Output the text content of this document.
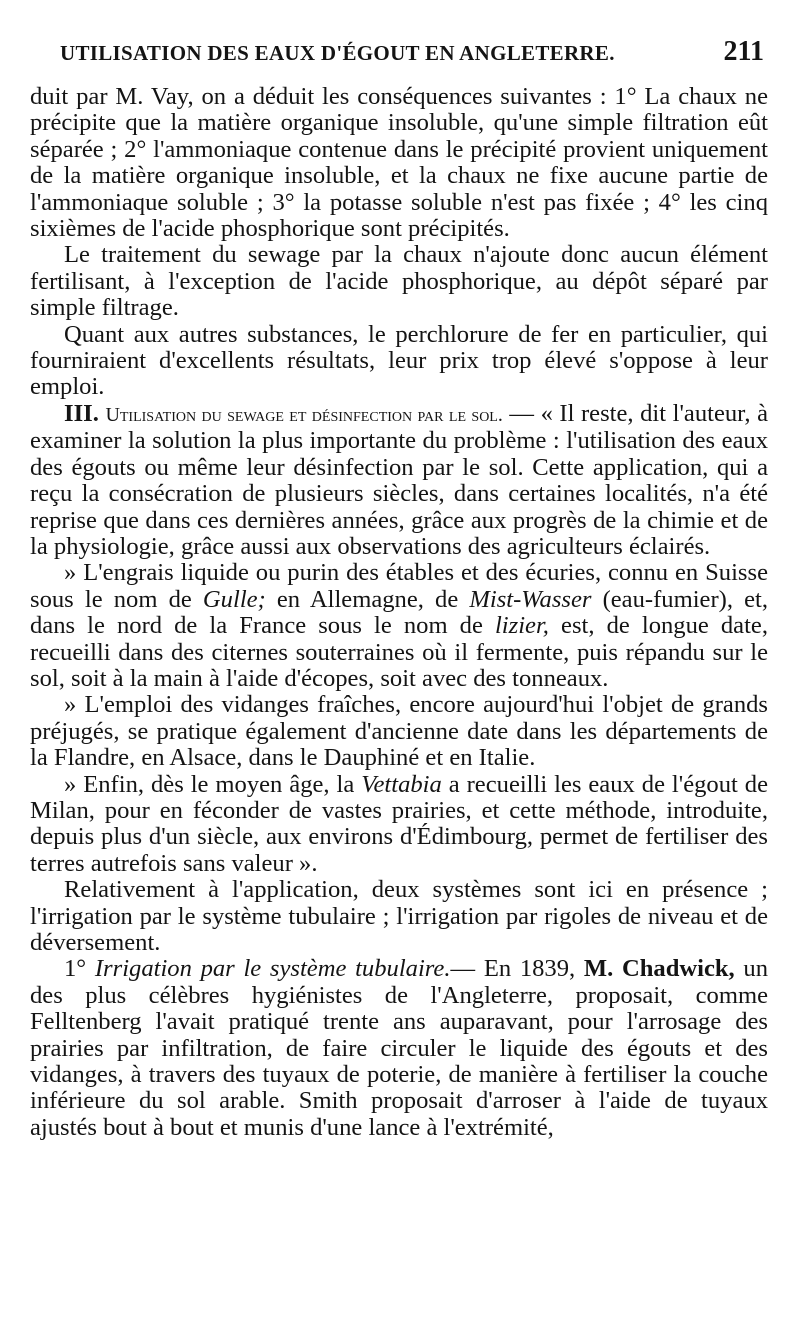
UTILISATION DES EAUX D'ÉGOUT EN ANGLETERRE.	211

duit par M. Vay, on a déduit les conséquences suivantes : 1° La chaux ne précipite que la matière organique insoluble, qu'une simple filtration eût séparée ; 2° l'ammoniaque contenue dans le précipité provient uniquement de la matière organique insoluble, et la chaux ne fixe aucune partie de l'ammoniaque soluble ; 3° la potasse soluble n'est pas fixée ; 4° les cinq sixièmes de l'acide phosphorique sont précipités.

Le traitement du sewage par la chaux n'ajoute donc aucun élément fertilisant, à l'exception de l'acide phosphorique, au dépôt séparé par simple filtrage.

Quant aux autres substances, le perchlorure de fer en particulier, qui fourniraient d'excellents résultats, leur prix trop élevé s'oppose à leur emploi.

III. Utilisation du sewage et désinfection par le sol. — « Il reste, dit l'auteur, à examiner la solution la plus importante du problème : l'utilisation des eaux des égouts ou même leur désinfection par le sol. Cette application, qui a reçu la consécration de plusieurs siècles, dans certaines localités, n'a été reprise que dans ces dernières années, grâce aux progrès de la chimie et de la physiologie, grâce aussi aux observations des agriculteurs éclairés.

» L'engrais liquide ou purin des étables et des écuries, connu en Suisse sous le nom de Gulle; en Allemagne, de Mist-Wasser (eau-fumier), et, dans le nord de la France sous le nom de lizier, est, de longue date, recueilli dans des citernes souterraines où il fermente, puis répandu sur le sol, soit à la main à l'aide d'écopes, soit avec des tonneaux.

» L'emploi des vidanges fraîches, encore aujourd'hui l'objet de grands préjugés, se pratique également d'ancienne date dans les départements de la Flandre, en Alsace, dans le Dauphiné et en Italie.

» Enfin, dès le moyen âge, la Vettabia a recueilli les eaux de l'égout de Milan, pour en féconder de vastes prairies, et cette méthode, introduite, depuis plus d'un siècle, aux environs d'Édimbourg, permet de fertiliser des terres autrefois sans valeur ».

Relativement à l'application, deux systèmes sont ici en présence ; l'irrigation par le système tubulaire ; l'irrigation par rigoles de niveau et de déversement.

1° Irrigation par le système tubulaire.— En 1839, M. Chadwick, un des plus célèbres hygiénistes de l'Angleterre, proposait, comme Felltenberg l'avait pratiqué trente ans auparavant, pour l'arrosage des prairies par infiltration, de faire circuler le liquide des égouts et des vidanges, à travers des tuyaux de poterie, de manière à fertiliser la couche inférieure du sol arable. Smith proposait d'arroser à l'aide de tuyaux ajustés bout à bout et munis d'une lance à l'extrémité,
